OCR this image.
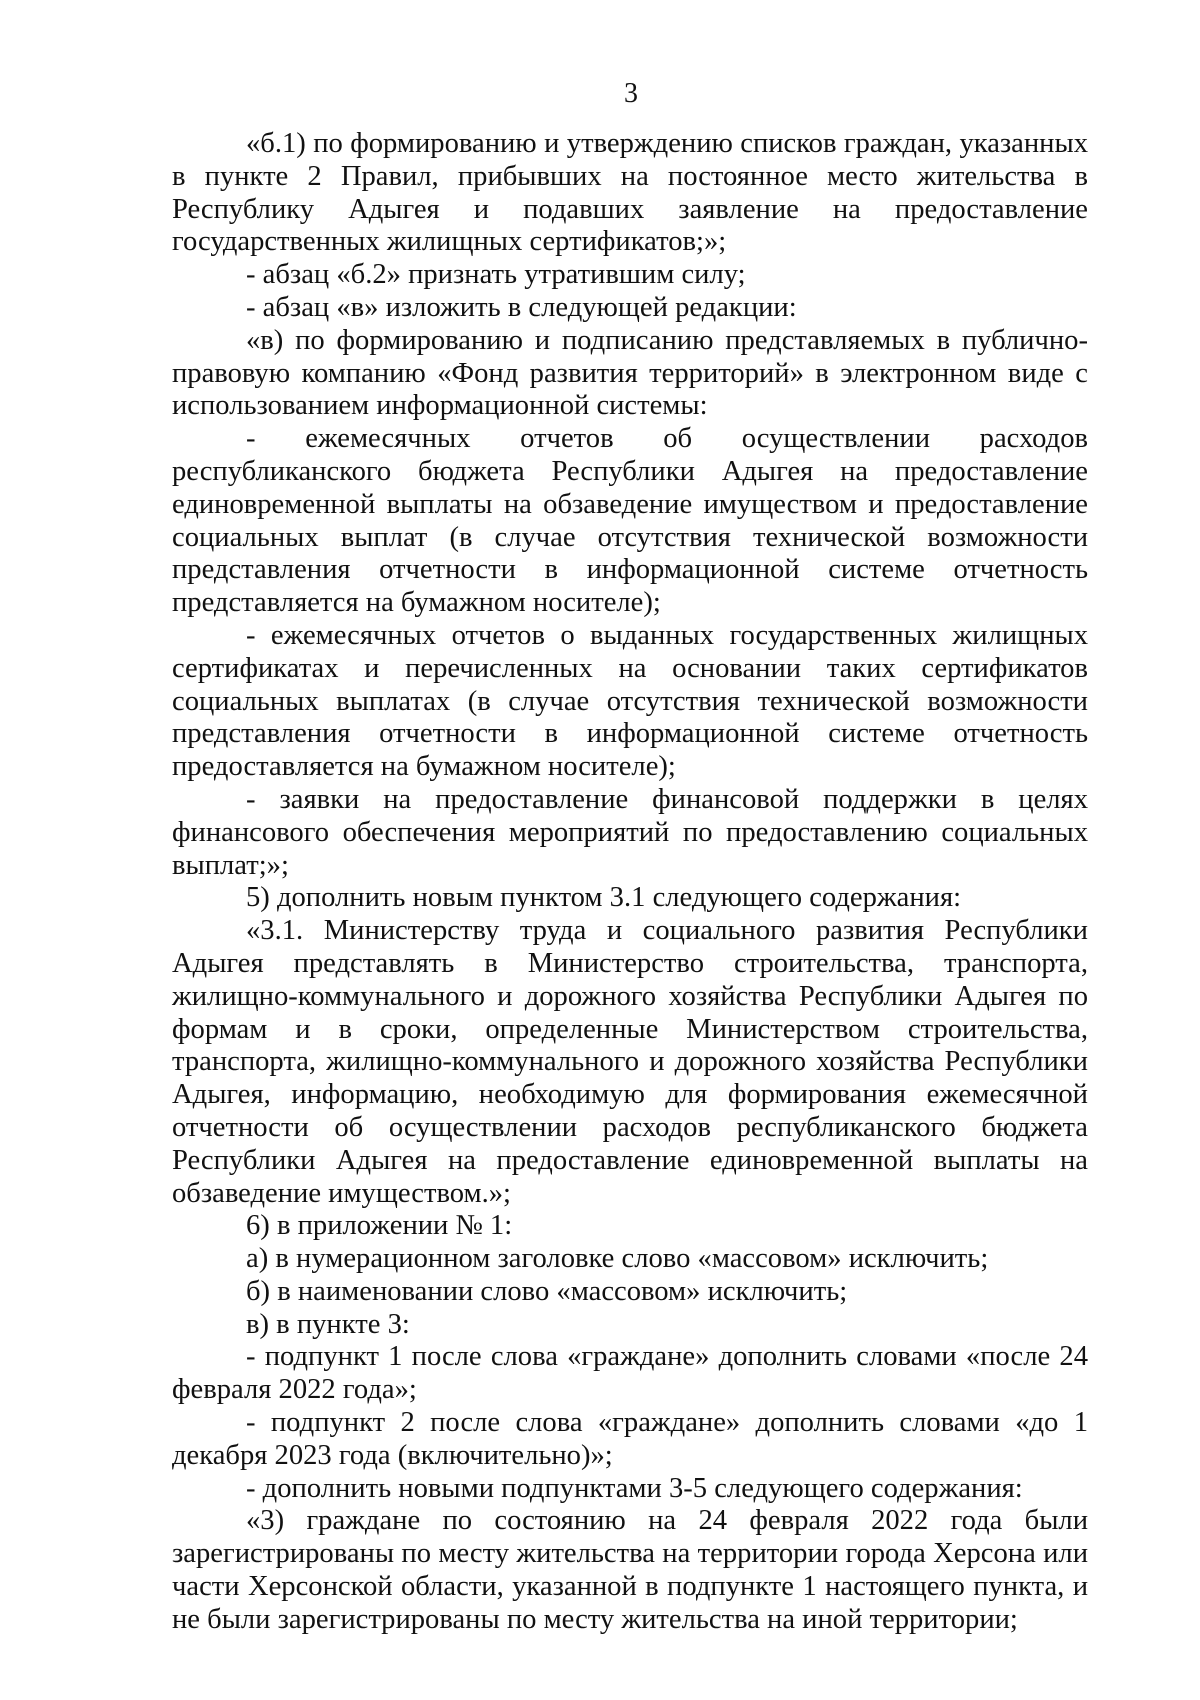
3

«б.1) по формированию и утверждению списков граждан, указанных в пункте 2 Правил, прибывших на постоянное место жительства в Республику Адыгея и подавших заявление на предоставление государственных жилищных сертификатов;»;

- абзац «б.2» признать утратившим силу;

- абзац «в» изложить в следующей редакции:

«в) по формированию и подписанию представляемых в публично-правовую компанию «Фонд развития территорий» в электронном виде с использованием информационной системы:

- ежемесячных отчетов об осуществлении расходов республиканского бюджета Республики Адыгея на предоставление единовременной выплаты на обзаведение имуществом и предоставление социальных выплат (в случае отсутствия технической возможности представления отчетности в информационной системе отчетность представляется на бумажном носителе);

- ежемесячных отчетов о выданных государственных жилищных сертификатах и перечисленных на основании таких сертификатов социальных выплатах (в случае отсутствия технической возможности представления отчетности в информационной системе отчетность предоставляется на бумажном носителе);

- заявки на предоставление финансовой поддержки в целях финансового обеспечения мероприятий по предоставлению социальных выплат;»;

5) дополнить новым пунктом 3.1 следующего содержания:

«3.1. Министерству труда и социального развития Республики Адыгея представлять в Министерство строительства, транспорта, жилищно-коммунального и дорожного хозяйства Республики Адыгея по формам и в сроки, определенные Министерством строительства, транспорта, жилищно-коммунального и дорожного хозяйства Республики Адыгея, информацию, необходимую для формирования ежемесячной отчетности об осуществлении расходов республиканского бюджета Республики Адыгея на предоставление единовременной выплаты на обзаведение имуществом.»;

6) в приложении № 1:

а) в нумерационном заголовке слово «массовом» исключить;

б) в наименовании слово «массовом» исключить;

в) в пункте 3:

- подпункт 1 после слова «граждане» дополнить словами «после 24 февраля 2022 года»;

- подпункт 2 после слова «граждане» дополнить словами «до 1 декабря 2023 года (включительно)»;

- дополнить новыми подпунктами 3-5 следующего содержания:

«3) граждане по состоянию на 24 февраля 2022 года были зарегистрированы по месту жительства на территории города Херсона или части Херсонской области, указанной в подпункте 1 настоящего пункта, и не были зарегистрированы по месту жительства на иной территории;
